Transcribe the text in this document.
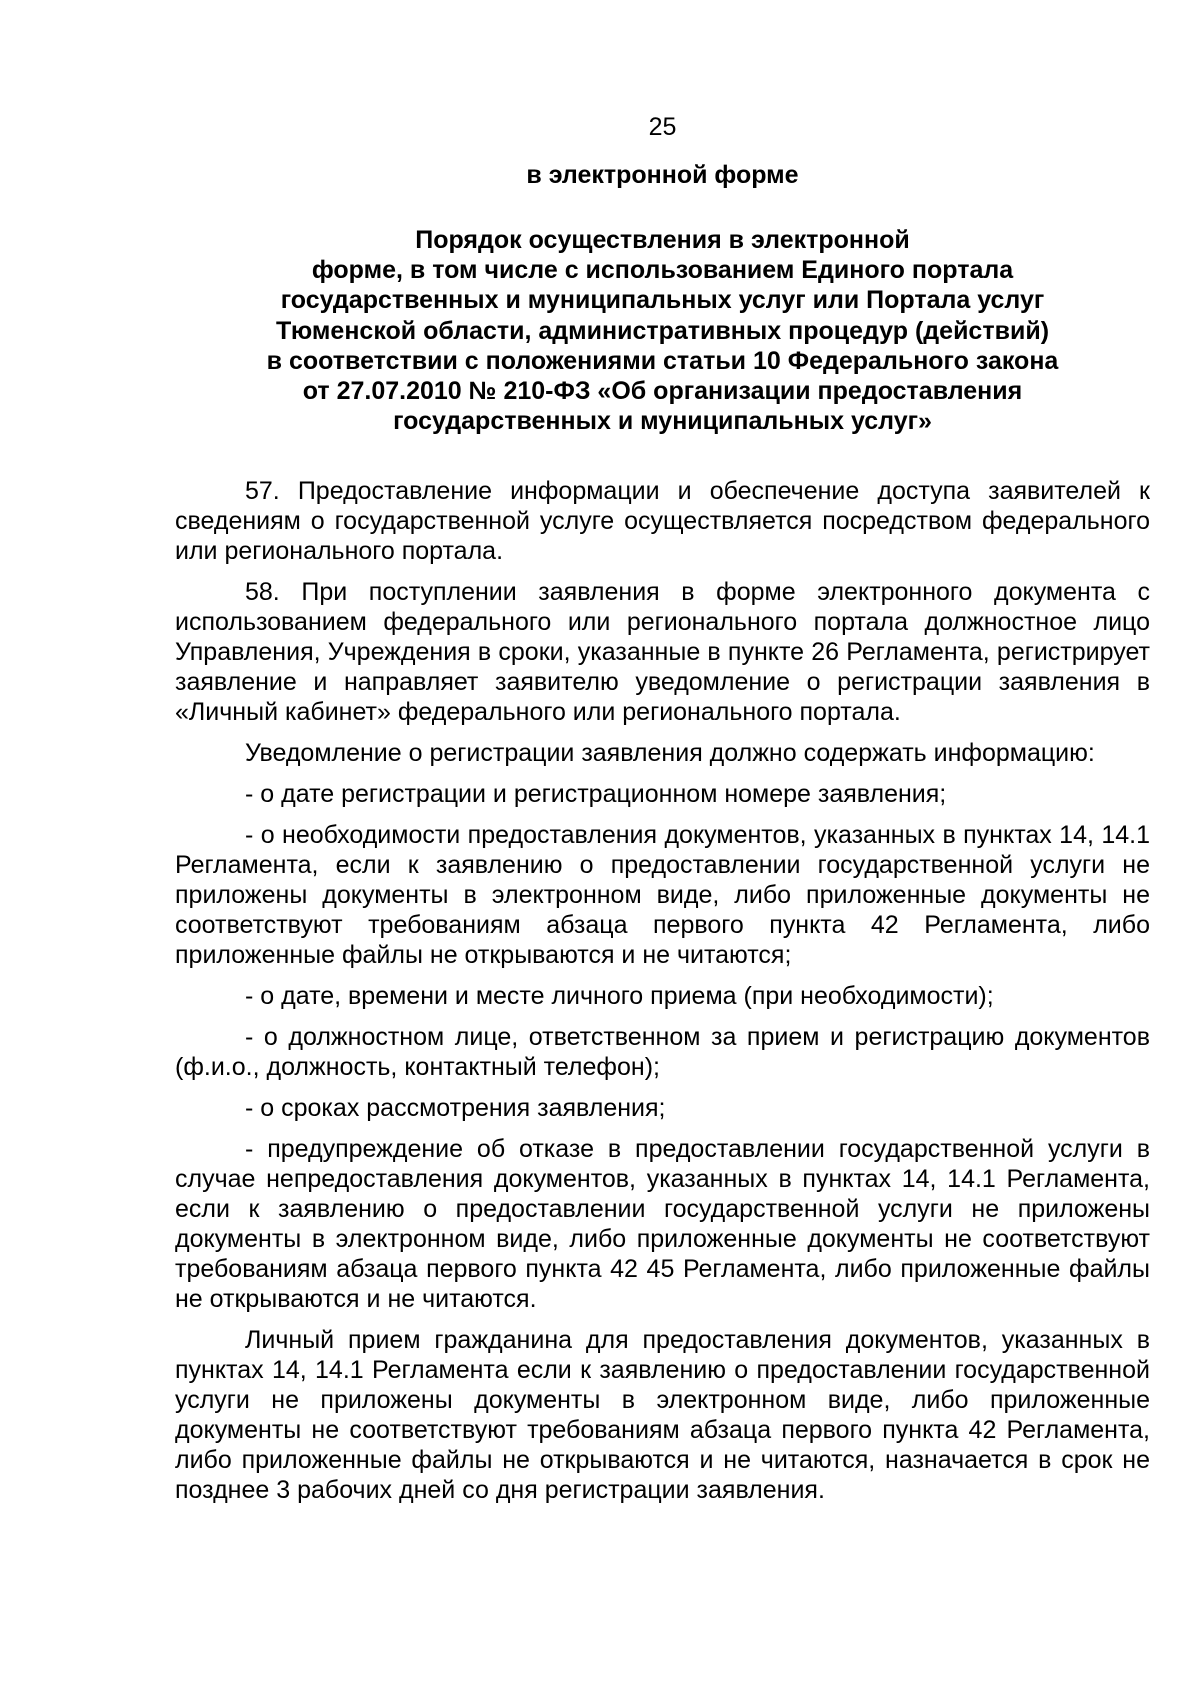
25
в электронной форме
Порядок осуществления в электронной
форме, в том числе с использованием Единого портала
государственных и муниципальных услуг или Портала услуг
Тюменской области, административных процедур (действий)
в соответствии с положениями статьи 10 Федерального закона
от 27.07.2010 № 210-ФЗ «Об организации предоставления
государственных и муниципальных услуг»

57. Предоставление информации и обеспечение доступа заявителей к сведениям о государственной услуге осуществляется посредством федерального или регионального портала.

58. При поступлении заявления в форме электронного документа с использованием федерального или регионального портала должностное лицо Управления, Учреждения в сроки, указанные в пункте 26 Регламента, регистрирует заявление и направляет заявителю уведомление о регистрации заявления в «Личный кабинет» федерального или регионального портала.

Уведомление о регистрации заявления должно содержать информацию:

- о дате регистрации и регистрационном номере заявления;

- о необходимости предоставления документов, указанных в пунктах 14, 14.1 Регламента, если к заявлению о предоставлении государственной услуги не приложены документы в электронном виде, либо приложенные документы не соответствуют требованиям абзаца первого пункта 42 Регламента, либо приложенные файлы не открываются и не читаются;

- о дате, времени и месте личного приема (при необходимости);

- о должностном лице, ответственном за прием и регистрацию документов (ф.и.о., должность, контактный телефон);

- о сроках рассмотрения заявления;

- предупреждение об отказе в предоставлении государственной услуги в случае непредоставления документов, указанных в пунктах 14, 14.1 Регламента, если к заявлению о предоставлении государственной услуги не приложены документы в электронном виде, либо приложенные документы не соответствуют требованиям абзаца первого пункта 42 45 Регламента, либо приложенные файлы не открываются и не читаются.

Личный прием гражданина для предоставления документов, указанных в пунктах 14, 14.1 Регламента если к заявлению о предоставлении государственной услуги не приложены документы в электронном виде, либо приложенные документы не соответствуют требованиям абзаца первого пункта 42 Регламента, либо приложенные файлы не открываются и не читаются, назначается в срок не позднее 3 рабочих дней со дня регистрации заявления.
